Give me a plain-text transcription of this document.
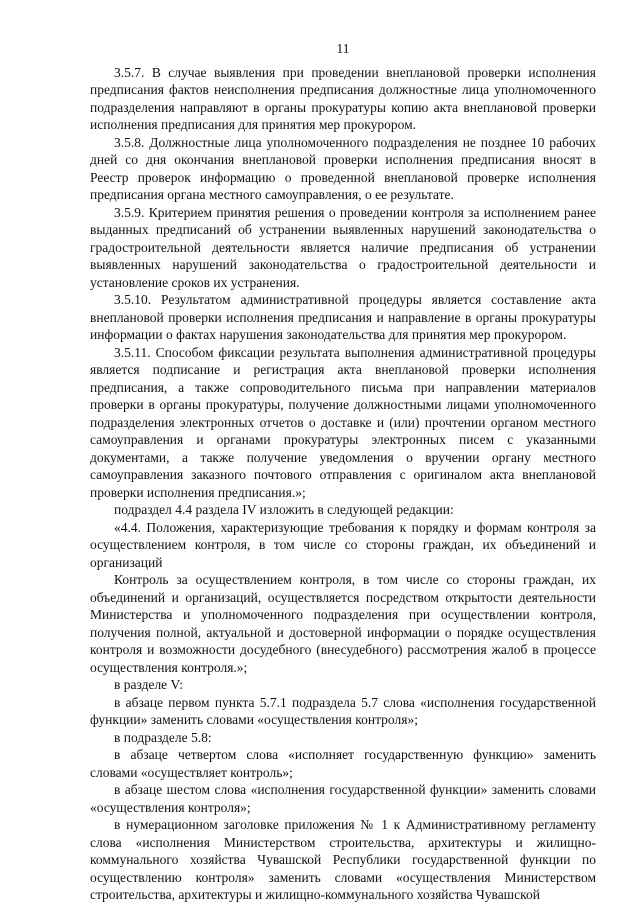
11

3.5.7. В случае выявления при проведении внеплановой проверки исполнения предписания фактов неисполнения предписания должностные лица уполномоченного подразделения направляют в органы прокуратуры копию акта внеплановой проверки исполнения предписания для принятия мер прокурором.

3.5.8. Должностные лица уполномоченного подразделения не позднее 10 рабочих дней со дня окончания внеплановой проверки исполнения предписания вносят в Реестр проверок информацию о проведенной внеплановой проверке исполнения предписания органа местного самоуправления, о ее результате.

3.5.9. Критерием принятия решения о проведении контроля за исполнением ранее выданных предписаний об устранении выявленных нарушений законодательства о градостроительной деятельности является наличие предписания об устранении выявленных нарушений законодательства о градостроительной деятельности и установление сроков их устранения.

3.5.10. Результатом административной процедуры является составление акта внеплановой проверки исполнения предписания и направление в органы прокуратуры информации о фактах нарушения законодательства для принятия мер прокурором.

3.5.11. Способом фиксации результата выполнения административной процедуры является подписание и регистрация акта внеплановой проверки исполнения предписания, а также сопроводительного письма при направлении материалов проверки в органы прокуратуры, получение должностными лицами уполномоченного подразделения электронных отчетов о доставке и (или) прочтении органом местного самоуправления и органами прокуратуры электронных писем с указанными документами, а также получение уведомления о вручении органу местного самоуправления заказного почтового отправления с оригиналом акта внеплановой проверки исполнения предписания.»;

подраздел 4.4 раздела IV изложить в следующей редакции:

«4.4. Положения, характеризующие требования к порядку и формам контроля за осуществлением контроля, в том числе со стороны граждан, их объединений и организаций

Контроль за осуществлением контроля, в том числе со стороны граждан, их объединений и организаций, осуществляется посредством открытости деятельности Министерства и уполномоченного подразделения при осуществлении контроля, получения полной, актуальной и достоверной информации о порядке осуществления контроля и возможности досудебного (внесудебного) рассмотрения жалоб в процессе осуществления контроля.»;

в разделе V:

в абзаце первом пункта 5.7.1 подраздела 5.7 слова «исполнения государственной функции» заменить словами «осуществления контроля»;

в подразделе 5.8:

в абзаце четвертом слова «исполняет государственную функцию» заменить словами «осуществляет контроль»;

в абзаце шестом слова «исполнения государственной функции» заменить словами «осуществления контроля»;

в нумерационном заголовке приложения № 1 к Административному регламенту слова «исполнения Министерством строительства, архитектуры и жилищно-коммунального хозяйства Чувашской Республики государственной функции по осуществлению контроля» заменить словами «осуществления Министерством строительства, архитектуры и жилищно-коммунального хозяйства Чувашской
